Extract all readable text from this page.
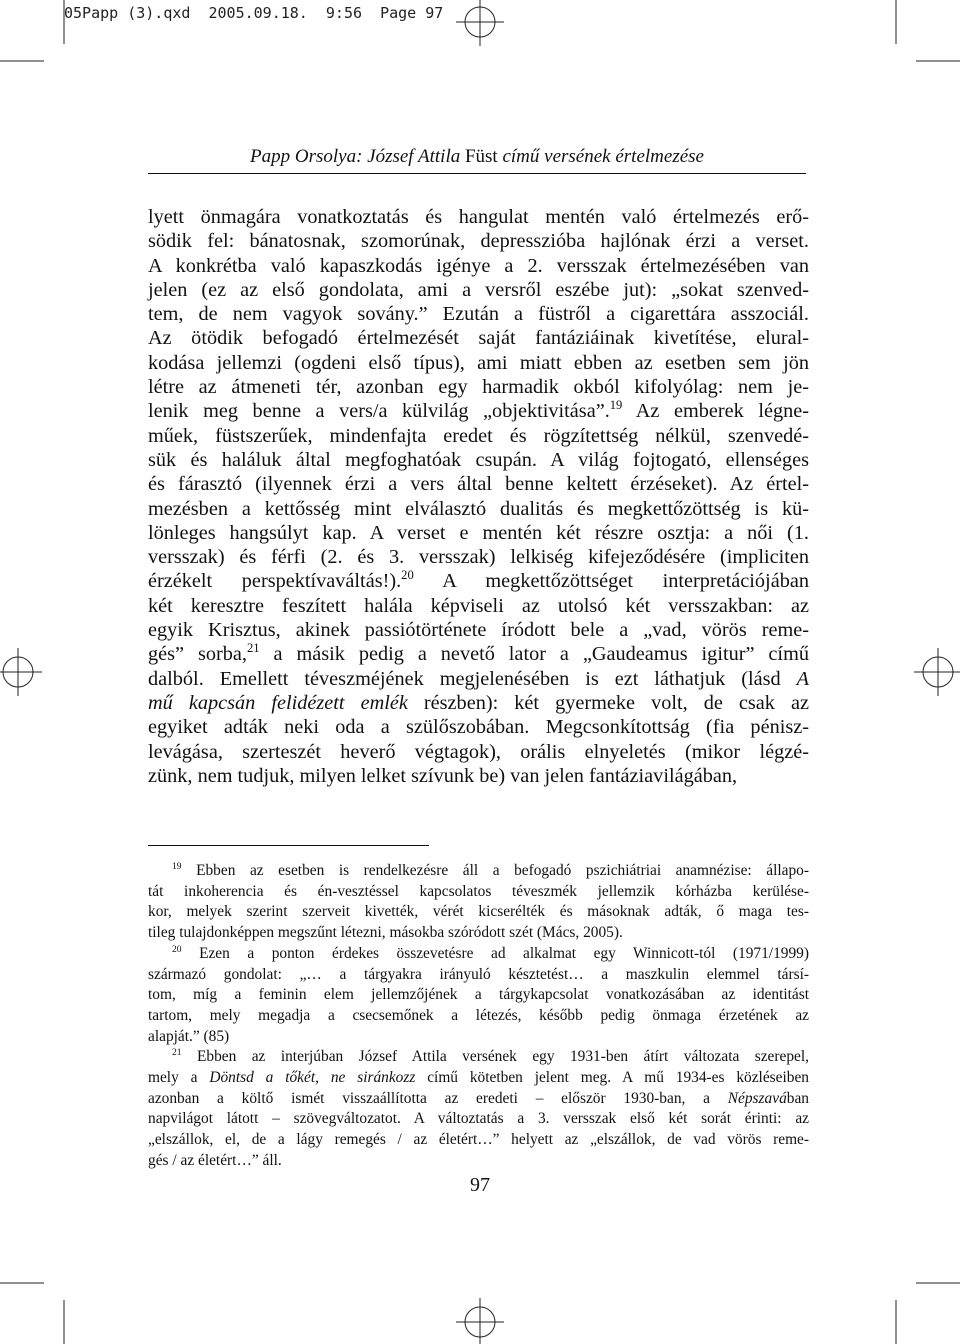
05Papp (3).qxd  2005.09.18.  9:56  Page 97
Papp Orsolya: József Attila Füst című versének értelmezése
lyett önmagára vonatkoztatás és hangulat mentén való értelmezés erő-
södik fel: bánatosnak, szomorúnak, depresszióba hajlónak érzi a verset.
A konkrétba való kapaszkodás igénye a 2. versszak értelmezésében van
jelen (ez az első gondolata, ami a versről eszébe jut): „sokat szenved-
tem, de nem vagyok sovány.” Ezután a füstről a cigarettára asszociál.
Az ötödik befogadó értelmezését saját fantáziáinak kivetítése, elural-
kodása jellemzi (ogdeni első típus), ami miatt ebben az esetben sem jön
létre az átmeneti tér, azonban egy harmadik okból kifolyólag: nem je-
lenik meg benne a vers/a külvilág „objektivitása”.$^{19}$ Az emberek légne-
műek, füstszerűek, mindenfajta eredet és rögzítettség nélkül, szenvedé-
sük és haláluk által megfoghatóak csupán. A világ fojtogató, ellenséges
és fárasztó (ilyennek érzi a vers által benne keltett érzéseket). Az értel-
mezésben a kettősség mint elválasztó dualitás és megkettőzöttség is kü-
lönleges hangsúlyt kap. A verset e mentén két részre osztja: a női (1.
versszak) és férfi (2. és 3. versszak) lelkiség kifejeződésére (impliciten
érzékelt perspektívaváltás!).$^{20}$ A megkettőzöttséget interpretációjában
két keresztre feszített halála képviseli az utolsó két versszakban: az
egyik Krisztus, akinek passiótörténete íródott bele a „vad, vörös reme-
gés” sorba,$^{21}$ a másik pedig a nevető lator a „Gaudeamus igitur” című
dalból. Emellett téveszméjének megjelenésében is ezt láthatjuk (lásd A
mű kapcsán felidézett emlék részben): két gyermeke volt, de csak az
egyiket adták neki oda a szülőszobában. Megcsonkítottság (fia pénisz-
levágása, szerteszét heverő végtagok), orális elnyeletés (mikor légzé-
zünk, nem tudjuk, milyen lelket szívunk be) van jelen fantáziavilágában,
$^{19}$ Ebben az esetben is rendelkezésre áll a befogadó pszichiátriai anamnézise: állapo-
tát inkoherencia és én-vesztéssel kapcsolatos téveszmék jellemzik kórházba kerülése-
kor, melyek szerint szerveit kivették, vérét kicserélték és másoknak adták, ő maga tes-
tileg tulajdonképpen megszűnt létezni, másokba szóródott szét (Mács, 2005).
$^{20}$ Ezen a ponton érdekes összevetésre ad alkalmat egy Winnicott-tól (1971/1999)
származó gondolat: „… a tárgyakra irányuló késztetést… a maszkulin elemmel társí-
tom, míg a feminin elem jellemzőjének a tárgykapcsolat vonatkozásában az identitást
tartom, mely megadja a csecsemőnek a létezés, később pedig önmaga érzetének az
alapját.” (85)
$^{21}$ Ebben az interjúban József Attila versének egy 1931-ben átírt változata szerepel,
mely a Döntsd a tőkét, ne siránkozz című kötetben jelent meg. A mű 1934-es közléseiben
azonban a költő ismét visszaállította az eredeti – először 1930-ban, a Népszavában
napvilágot látott – szövegváltozatot. A változtatás a 3. versszak első két sorát érinti: az
„elszállok, el, de a lágy remegés / az életért…” helyett az „elszállok, de vad vörös reme-
gés / az életért…” áll.
97
